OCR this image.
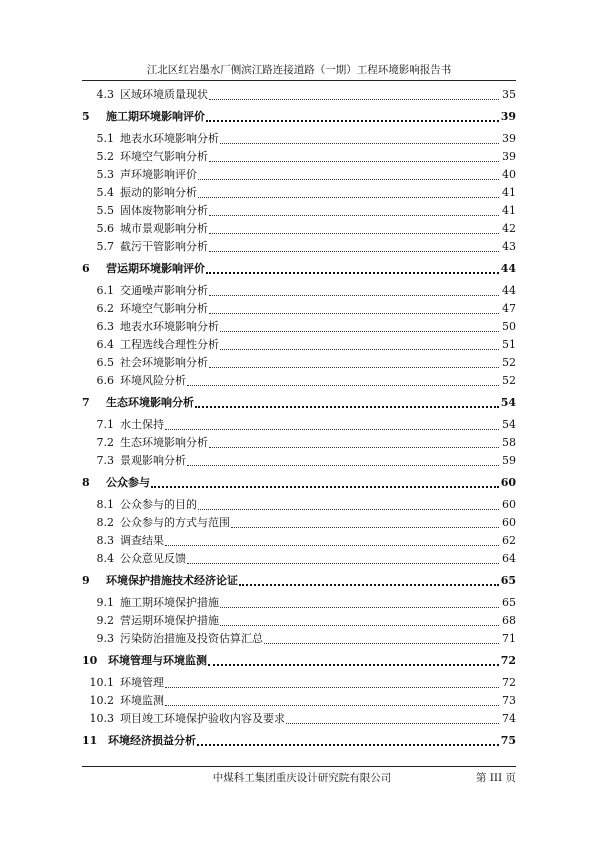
江北区红岩墨水厂侧滨江路连接道路（一期）工程环境影响报告书
4.3 区域环境质量现状	35
5	施工期环境影响评价	39
5.1 地表水环境影响分析	39
5.2 环境空气影响分析	39
5.3 声环境影响评价	40
5.4 振动的影响分析	41
5.5 固体废物影响分析	41
5.6 城市景观影响分析	42
5.7 截污干管影响分析	43
6	营运期环境影响评价	44
6.1 交通噪声影响分析	44
6.2 环境空气影响分析	47
6.3 地表水环境影响分析	50
6.4 工程选线合理性分析	51
6.5 社会环境影响分析	52
6.6 环境风险分析	52
7	生态环境影响分析	54
7.1 水土保持	54
7.2 生态环境影响分析	58
7.3 景观影响分析	59
8	公众参与	60
8.1 公众参与的目的	60
8.2 公众参与的方式与范围	60
8.3 调查结果	62
8.4 公众意见反馈	64
9	环境保护措施技术经济论证	65
9.1 施工期环境保护措施	65
9.2 营运期环境保护措施	68
9.3 污染防治措施及投资估算汇总	71
10 环境管理与环境监测	72
10.1 环境管理	72
10.2 环境监测	73
10.3 项目竣工环境保护验收内容及要求	74
11 环境经济损益分析	75
中煤科工集团重庆设计研究院有限公司	第 III 页
